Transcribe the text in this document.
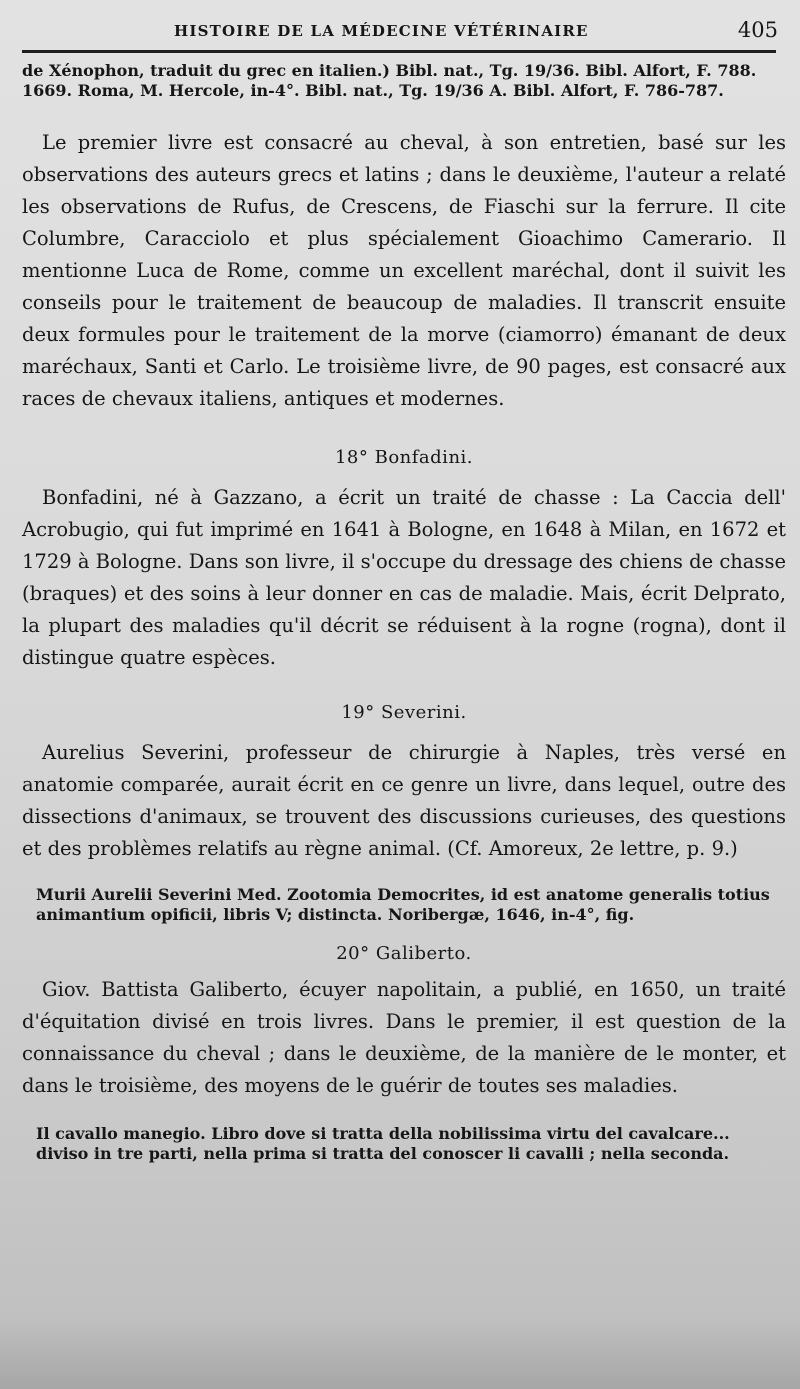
HISTOIRE DE LA MÉDECINE VÉTÉRINAIRE	405

de Xénophon, traduit du grec en italien.) Bibl. nat., Tg. 19/36. Bibl. Alfort, F. 788.

1669. Roma, M. Hercole, in-4°. Bibl. nat., Tg. 19/36 A. Bibl. Alfort, F. 786-787.

Le premier livre est consacré au cheval, à son entretien, basé sur les observations des auteurs grecs et latins ; dans le deuxième, l'auteur a relaté les observations de Rufus, de Crescens, de Fiaschi sur la ferrure. Il cite Columbre, Caracciolo et plus spécialement Gioachimo Camerario. Il mentionne Luca de Rome, comme un excellent maréchal, dont il suivit les conseils pour le traitement de beaucoup de maladies. Il transcrit ensuite deux formules pour le traitement de la morve (ciamorro) émanant de deux maréchaux, Santi et Carlo. Le troisième livre, de 90 pages, est consacré aux races de chevaux italiens, antiques et modernes.

18° Bonfadini.

Bonfadini, né à Gazzano, a écrit un traité de chasse : La Caccia dell' Acrobugio, qui fut imprimé en 1641 à Bologne, en 1648 à Milan, en 1672 et 1729 à Bologne. Dans son livre, il s'occupe du dressage des chiens de chasse (braques) et des soins à leur donner en cas de maladie. Mais, écrit Delprato, la plupart des maladies qu'il décrit se réduisent à la rogne (rogna), dont il distingue quatre espèces.

19° Severini.

Aurelius Severini, professeur de chirurgie à Naples, très versé en anatomie comparée, aurait écrit en ce genre un livre, dans lequel, outre des dissections d'animaux, se trouvent des discussions curieuses, des questions et des problèmes relatifs au règne animal. (Cf. Amoreux, 2e lettre, p. 9.)

Murii Aurelii Severini Med. Zootomia Democrites, id est anatome generalis totius animantium opificii, libris V; distincta. Noribergæ, 1646, in-4°, fig.

20° Galiberto.

Giov. Battista Galiberto, écuyer napolitain, a publié, en 1650, un traité d'équitation divisé en trois livres. Dans le premier, il est question de la connaissance du cheval ; dans le deuxième, de la manière de le monter, et dans le troisième, des moyens de le guérir de toutes ses maladies.

Il cavallo manegio. Libro dove si tratta della nobilissima virtu del cavalcare... diviso in tre parti, nella prima si tratta del conoscer li cavalli ; nella seconda.
